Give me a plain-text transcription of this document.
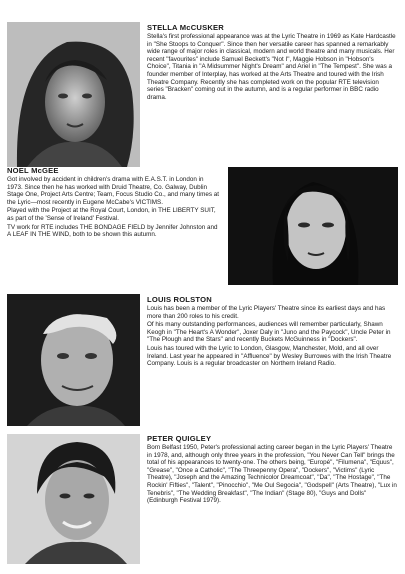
STELLA McCUSKER

Stella's first professional appearance was at the Lyric Theatre in 1969 as Kate Hardcastle in "She Stoops to Conquer". Since then her versatile career has spanned a remarkably wide range of major roles in classical, modern and world theatre and many musicals. Her recent "favourites" include Samuel Beckett's "Not I", Maggie Hobson in "Hobson's Choice", Titania in "A Midsummer Night's Dream" and Ariel in "The Tempest". She was a founder member of Interplay, has worked at the Arts Theatre and toured with the Irish Theatre Company. Recently she has completed work on the popular RTE television series "Bracken" coming out in the autumn, and is a regular performer in BBC radio drama.

NOEL McGEE

Got involved by accident in children's drama with E.A.S.T. in London in 1973. Since then he has worked with Druid Theatre, Co. Galway, Dublin Stage One, Project Arts Centre; Team, Focus Studio Co., and many times at the Lyric—most recently in Eugene McCabe's VICTIMS.

Played with the Project at the Royal Court, London, in THE LIBERTY SUIT, as part of the 'Sense of Ireland' Festival.

TV work for RTE includes THE BONDAGE FIELD by Jennifer Johnston and A LEAF IN THE WIND, both to be shown this autumn.

LOUIS ROLSTON

Louis has been a member of the Lyric Players' Theatre since its earliest days and has more than 200 roles to his credit.

Of his many outstanding performances, audiences will remember particularly, Shawn Keogh in "The Heart's A Wonder", Joxer Daly in "Juno and the Paycock", Uncle Peter in "The Plough and the Stars" and recently Buckets McGuinness in "Dockers".

Louis has toured with the Lyric to London, Glasgow, Manchester, Mold, and all over Ireland. Last year he appeared in "Affluence" by Wesley Burrowes with the Irish Theatre Company. Louis is a regular broadcaster on Northern Ireland Radio.

PETER QUIGLEY

Born Belfast 1950, Peter's professional acting career began in the Lyric Players' Theatre in 1978, and, although only three years in the profession, "You Never Can Tell" brings the total of his appearances to twenty-one. The others being, "Europé", "Filumena", "Equus", "Grease", "Once a Catholic", "The Threepenny Opera", "Dockers", "Victims" (Lyric Theatre), "Joseph and the Amazing Technicolor Dreamcoat", "Da", "The Hostage", "The Rockin' Fifties", "Talent", "Pinocchio", "Me Oul Segocia", "Godspell" (Arts Theatre), "Lux in Tenebris", "The Wedding Breakfast", "The Indian" (Stage 80), "Guys and Dolls" (Edinburgh Festival 1979).
